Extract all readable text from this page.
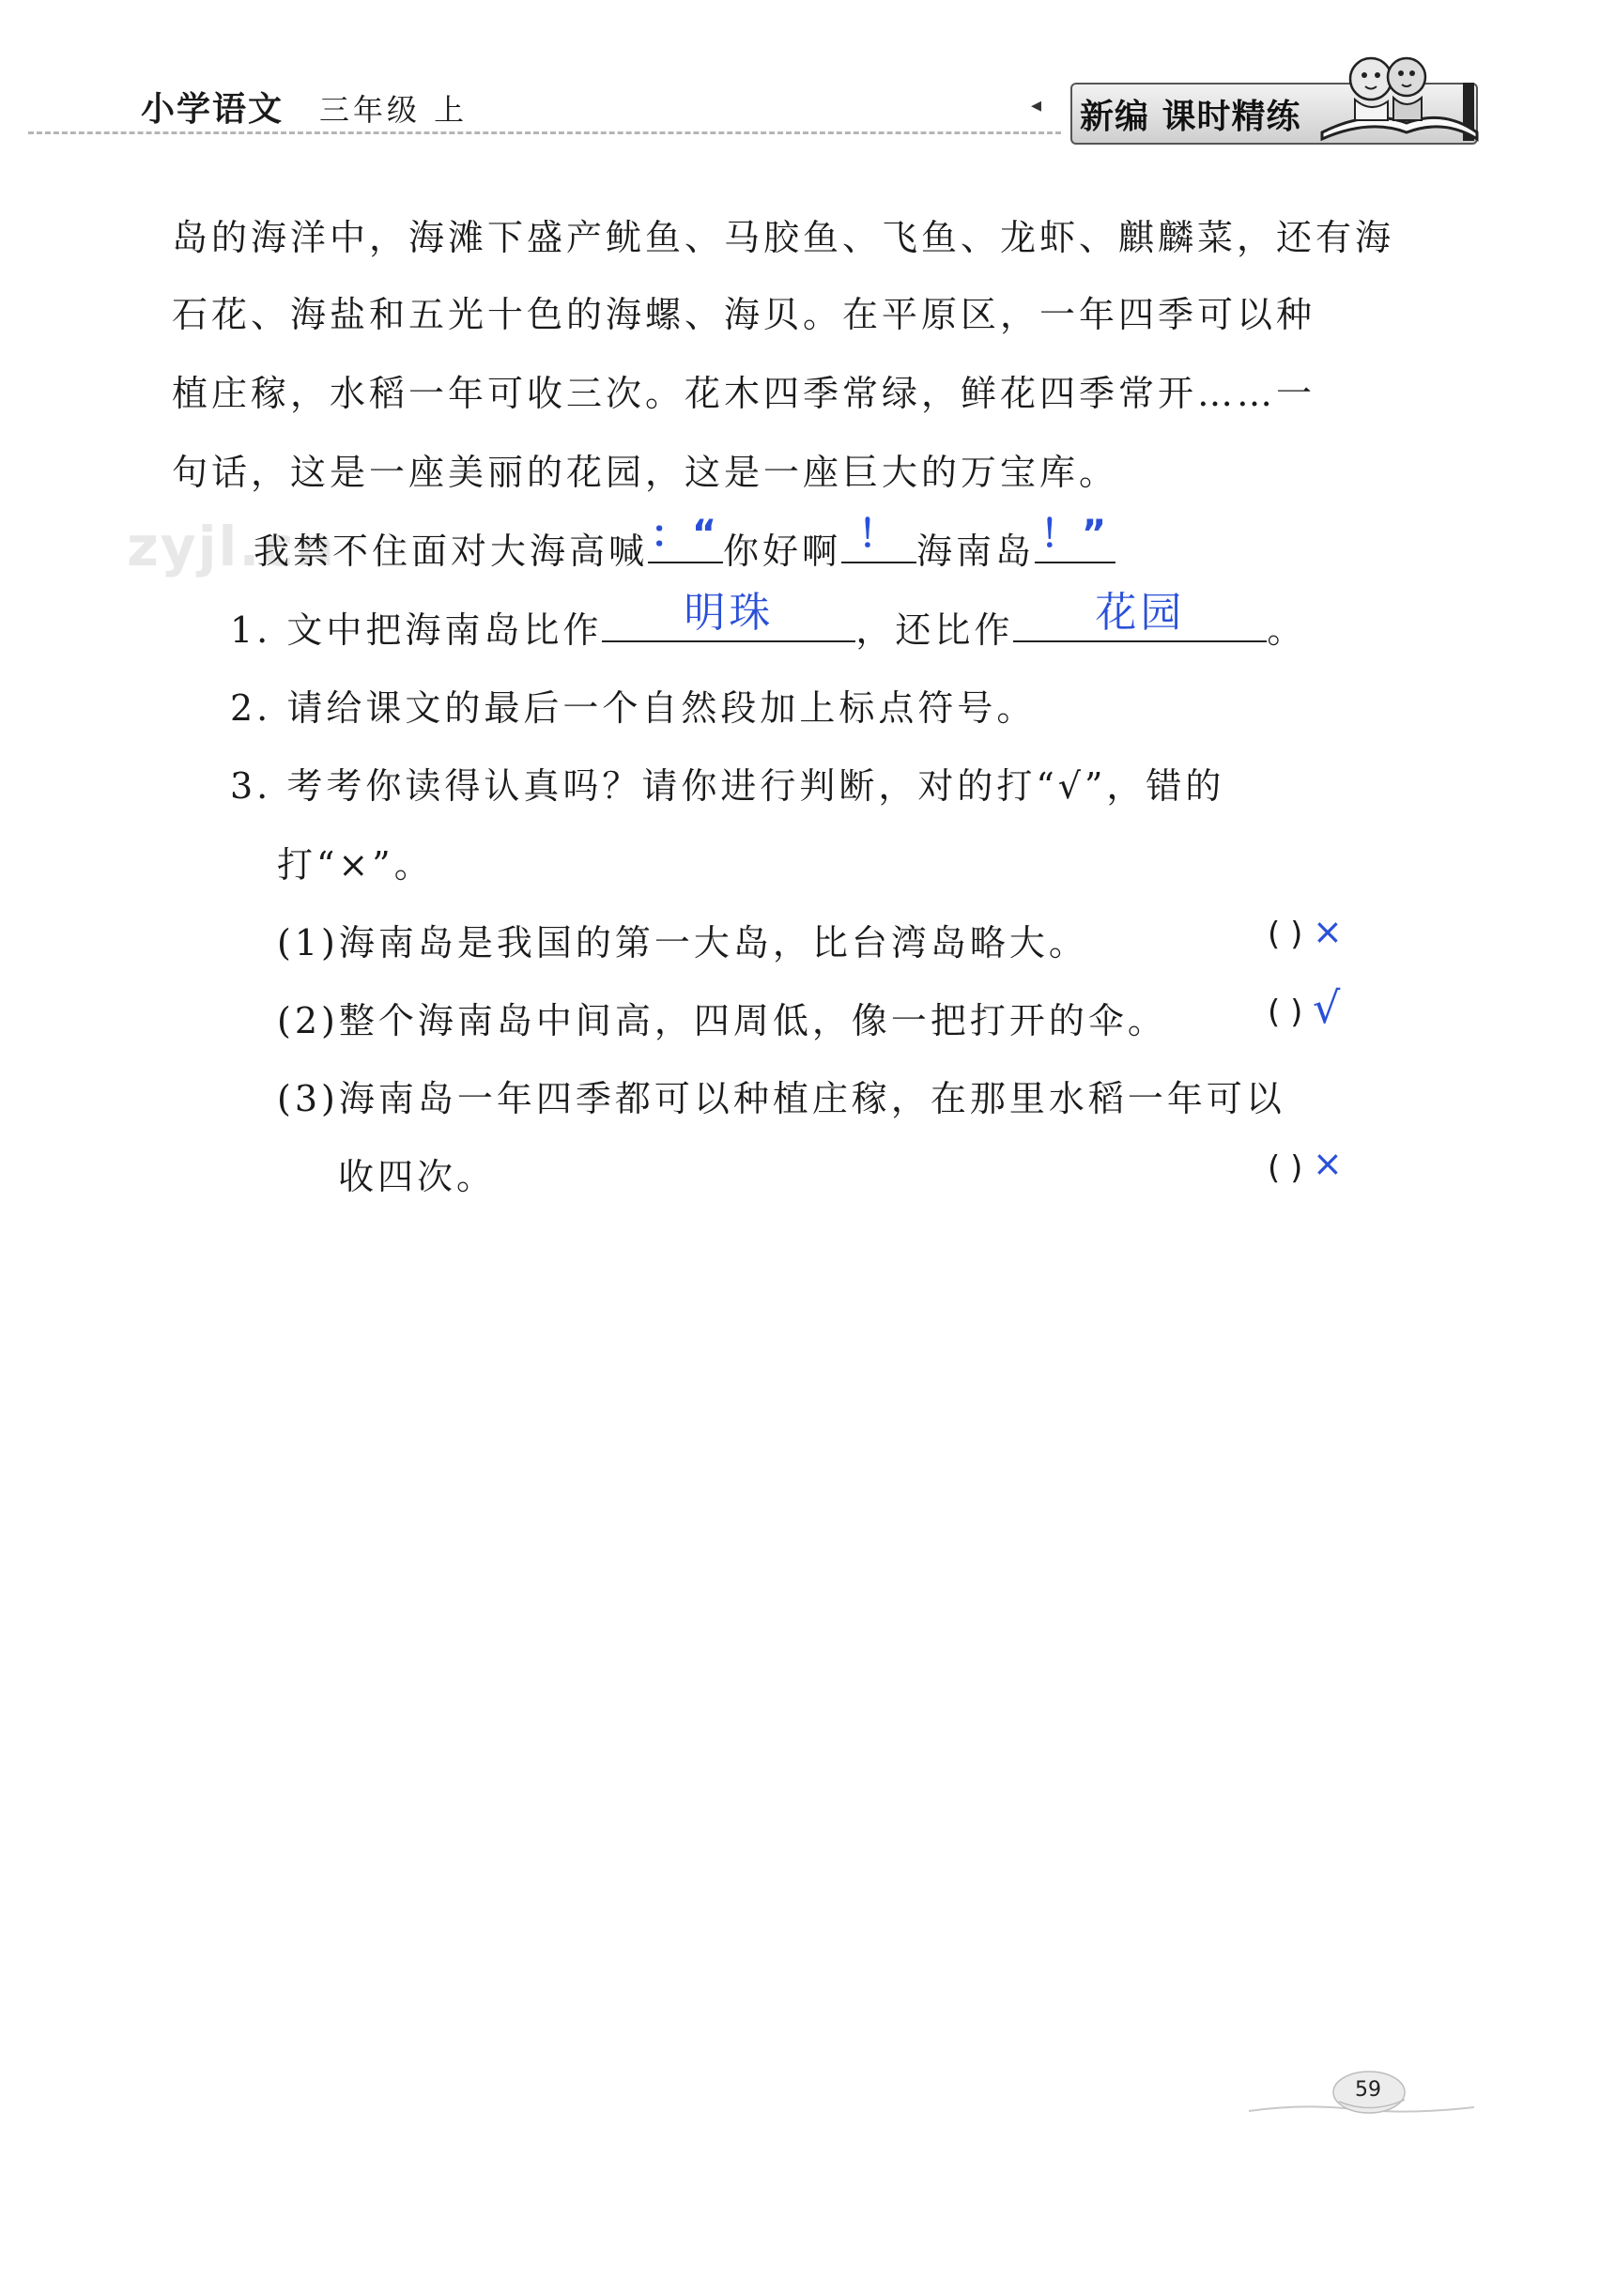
小学语文 三年级 上	◂ 新编 课时精练
zyjl.cn
岛的海洋中，海滩下盛产鱿鱼、马胶鱼、飞鱼、龙虾、麒麟菜，还有海
石花、海盐和五光十色的海螺、海贝。在平原区，一年四季可以种
植庄稼，水稻一年可收三次。花木四季常绿，鲜花四季常开……一
句话，这是一座美丽的花园，这是一座巨大的万宝库。
我禁不住面对大海高喊 ：“ 你好啊 ！ 海南岛 ！”
1. 文中把海南岛比作	明珠	，还比作	花园	。
2. 请给课文的最后一个自然段加上标点符号。
3. 考考你读得认真吗？请你进行判断，对的打“√”，错的
打“×”。
(1)海南岛是我国的第一大岛，比台湾岛略大。	( ) ×
(2)整个海南岛中间高，四周低，像一把打开的伞。	( ) √
(3)海南岛一年四季都可以种植庄稼，在那里水稻一年可以
收四次。	( ) ×
59
